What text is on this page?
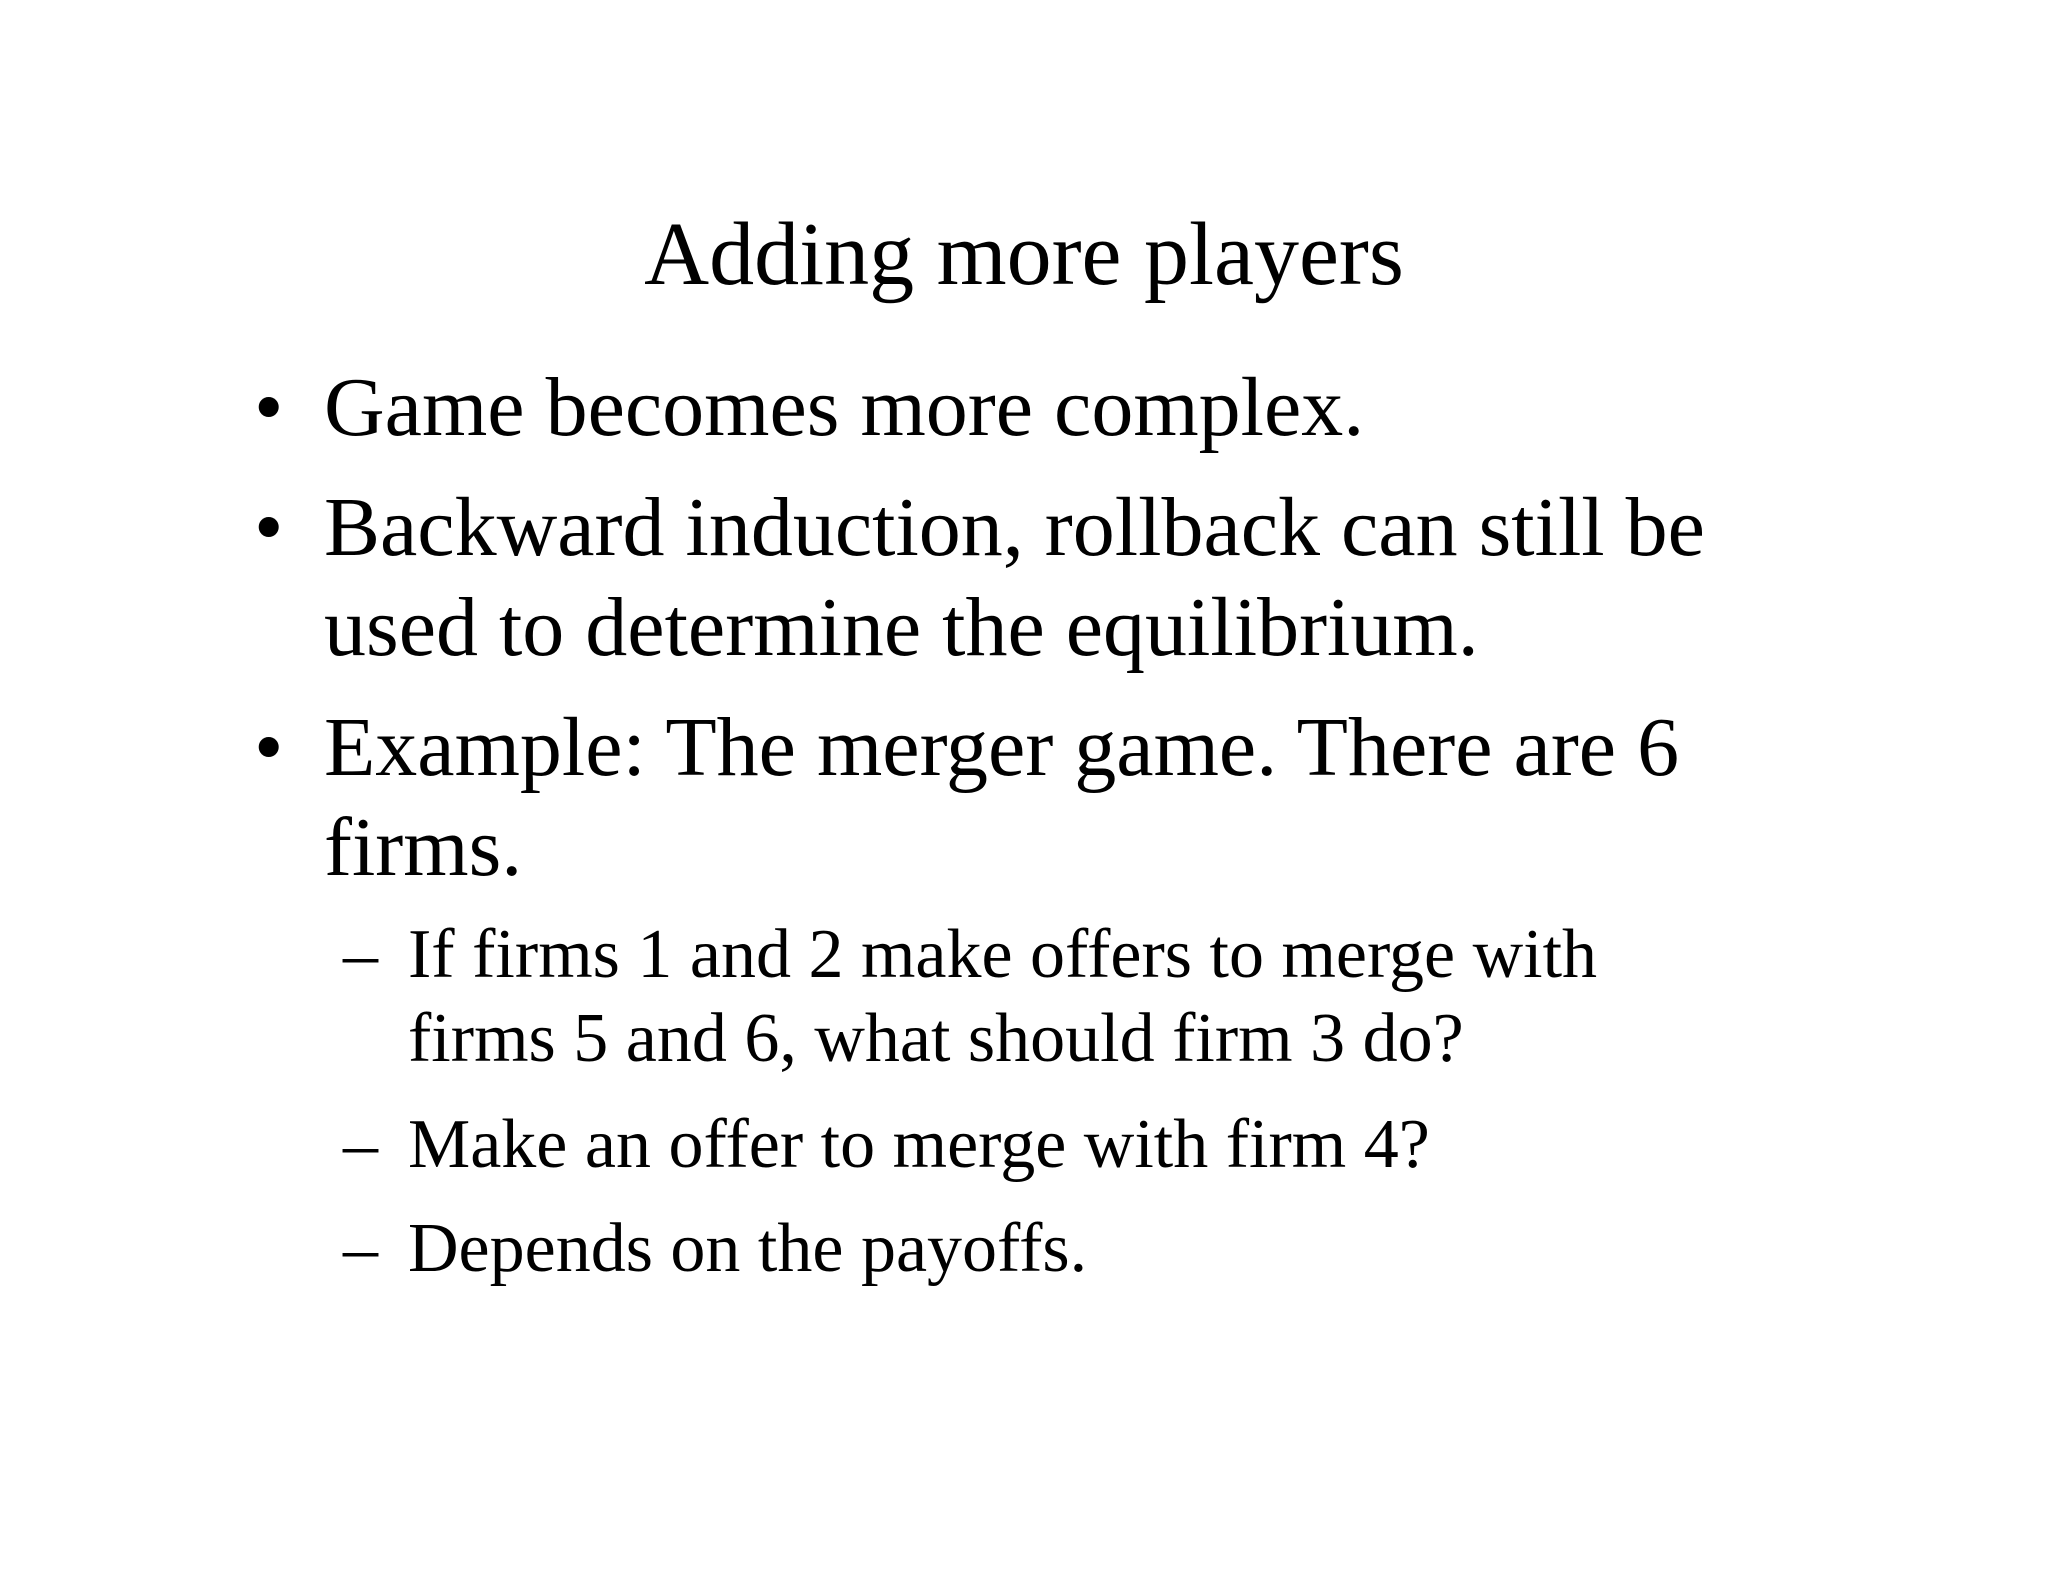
Adding more players
• Game becomes more complex.
• Backward induction, rollback can still be
used to determine the equilibrium.
• Example: The merger game. There are 6
firms.
– If firms 1 and 2 make offers to merge with
firms 5 and 6, what should firm 3 do?
– Make an offer to merge with firm 4?
– Depends on the payoffs.
